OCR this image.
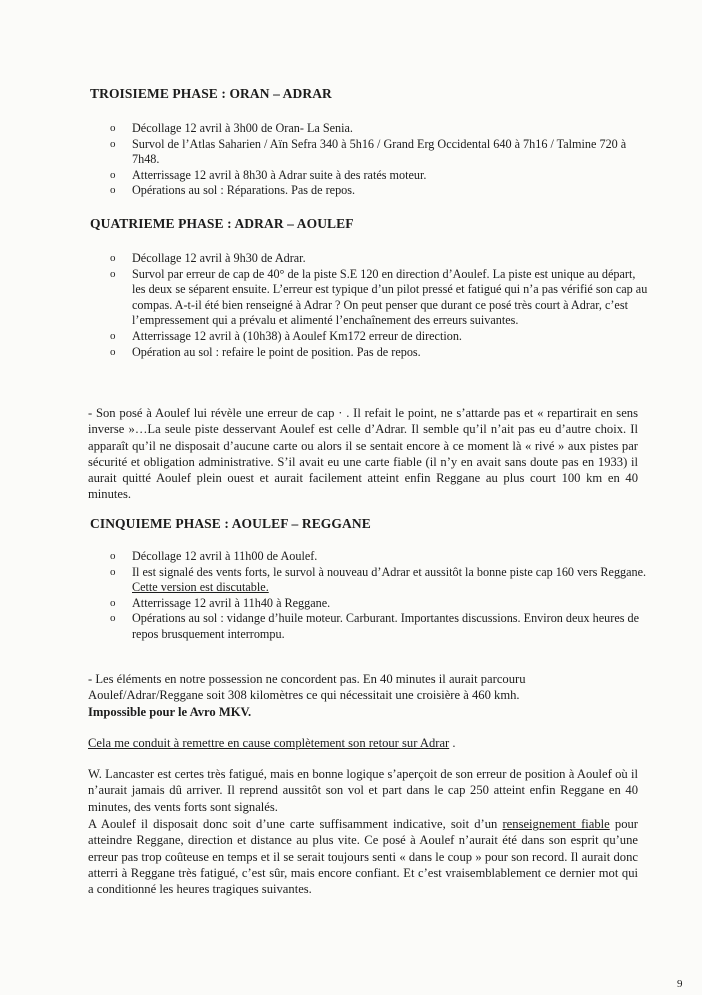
TROISIEME PHASE : ORAN – ADRAR
o Décollage 12 avril à 3h00 de Oran- La Senia.
o Survol de l’Atlas Saharien / Aïn Sefra 340 à 5h16 / Grand Erg Occidental 640 à 7h16 / Talmine 720 à 7h48.
o Atterrissage 12 avril à 8h30 à Adrar suite à des ratés moteur.
o Opérations au sol : Réparations. Pas de repos.
QUATRIEME PHASE : ADRAR – AOULEF
o Décollage 12 avril à 9h30 de Adrar.
o Survol par erreur de cap de 40° de la piste S.E 120 en direction d’Aoulef. La piste est unique au départ, les deux se séparent ensuite. L’erreur est typique d’un pilot pressé et fatigué qui n’a pas vérifié son cap au compas. A-t-il été bien renseigné à Adrar ? On peut penser que durant ce posé très court à Adrar, c’est l’empressement qui a prévalu et alimenté l’enchaînement des erreurs suivantes.
o Atterrissage 12 avril à (10h38) à Aoulef Km172 erreur de direction.
o Opération au sol : refaire le point de position. Pas de repos.

- Son posé à Aoulef lui révèle une erreur de cap · . Il refait le point, ne s’attarde pas et « repartirait en sens inverse »…La seule piste desservant Aoulef est celle d’Adrar. Il semble qu’il n’ait pas eu d’autre choix. Il apparaît qu’il ne disposait d’aucune carte ou alors il se sentait encore à ce moment là « rivé » aux pistes par sécurité et obligation administrative. S’il avait eu une carte fiable (il n’y en avait sans doute pas en 1933) il aurait quitté Aoulef plein ouest et aurait facilement atteint enfin Reggane au plus court 100 km en 40 minutes.

CINQUIEME PHASE : AOULEF – REGGANE
o Décollage 12 avril à 11h00 de Aoulef.
o Il est signalé des vents forts, le survol à nouveau d’Adrar et aussitôt la bonne piste cap 160 vers Reggane. Cette version est discutable.
o Atterrissage 12 avril à 11h40 à Reggane.
o Opérations au sol : vidange d’huile moteur. Carburant. Importantes discussions. Environ deux heures de repos brusquement interrompu.

- Les éléments en notre possession ne concordent pas. En 40 minutes il aurait parcouru Aoulef/Adrar/Reggane soit 308 kilomètres ce qui nécessitait une croisière à 460 kmh.
Impossible pour le Avro MKV.

Cela me conduit à remettre en cause complètement son retour sur Adrar .

W. Lancaster est certes très fatigué, mais en bonne logique s’aperçoit de son erreur de position à Aoulef où il n’aurait jamais dû arriver. Il reprend aussitôt son vol et part dans le cap 250 atteint enfin Reggane en 40 minutes, des vents forts sont signalés.

A Aoulef il disposait donc soit d’une carte suffisamment indicative, soit d’un renseignement fiable pour atteindre Reggane, direction et distance au plus vite. Ce posé à Aoulef n’aurait été dans son esprit qu’une erreur pas trop coûteuse en temps et il se serait toujours senti « dans le coup » pour son record. Il aurait donc atterri à Reggane très fatigué, c’est sûr, mais encore confiant. Et c’est vraisemblablement ce dernier mot qui a conditionné les heures tragiques suivantes.

9
